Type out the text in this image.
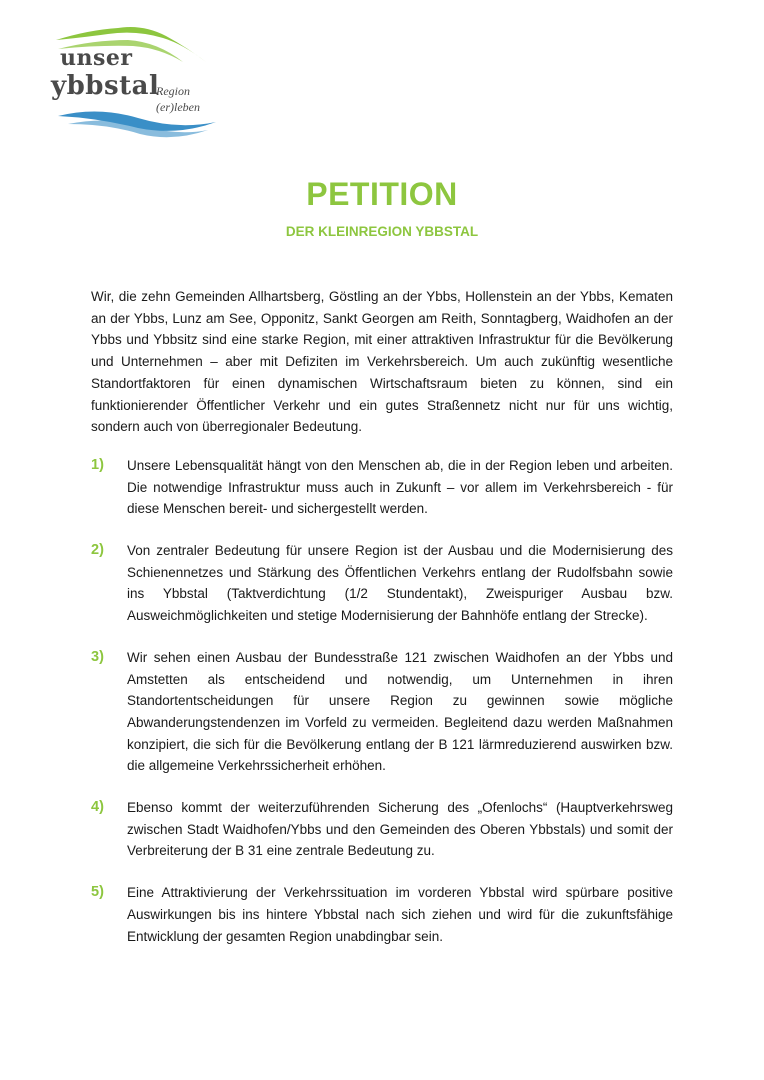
unser
ybbstal
Region
(er)leben
PETITION
DER KLEINREGION YBBSTAL

Wir, die zehn Gemeinden Allhartsberg, Göstling an der Ybbs, Hollenstein an der Ybbs, Kematen an der Ybbs, Lunz am See, Opponitz, Sankt Georgen am Reith, Sonntagberg, Waidhofen an der Ybbs und Ybbsitz sind eine starke Region, mit einer attraktiven Infrastruktur für die Bevölkerung und Unternehmen – aber mit Defiziten im Verkehrsbereich. Um auch zukünftig wesentliche Standortfaktoren für einen dynamischen Wirtschaftsraum bieten zu können, sind ein funktionierender Öffentlicher Verkehr und ein gutes Straßennetz nicht nur für uns wichtig, sondern auch von überregionaler Bedeutung.

1)	Unsere Lebensqualität hängt von den Menschen ab, die in der Region leben und arbeiten. Die notwendige Infrastruktur muss auch in Zukunft – vor allem im Verkehrsbereich - für diese Menschen bereit- und sichergestellt werden.

2)	Von zentraler Bedeutung für unsere Region ist der Ausbau und die Modernisierung des Schienennetzes und Stärkung des Öffentlichen Verkehrs entlang der Rudolfsbahn sowie ins Ybbstal (Taktverdichtung (1/2 Stundentakt), Zweispuriger Ausbau bzw. Ausweichmöglichkeiten und stetige Modernisierung der Bahnhöfe entlang der Strecke).

3)	Wir sehen einen Ausbau der Bundesstraße 121 zwischen Waidhofen an der Ybbs und Amstetten als entscheidend und notwendig, um Unternehmen in ihren Standortentscheidungen für unsere Region zu gewinnen sowie mögliche Abwanderungstendenzen im Vorfeld zu vermeiden. Begleitend dazu werden Maßnahmen konzipiert, die sich für die Bevölkerung entlang der B 121 lärmreduzierend auswirken bzw. die allgemeine Verkehrssicherheit erhöhen.

4)	Ebenso kommt der weiterzuführenden Sicherung des „Ofenlochs“ (Hauptverkehrsweg zwischen Stadt Waidhofen/Ybbs und den Gemeinden des Oberen Ybbstals) und somit der Verbreiterung der B 31 eine zentrale Bedeutung zu.

5)	Eine Attraktivierung der Verkehrssituation im vorderen Ybbstal wird spürbare positive Auswirkungen bis ins hintere Ybbstal nach sich ziehen und wird für die zukunftsfähige Entwicklung der gesamten Region unabdingbar sein.
